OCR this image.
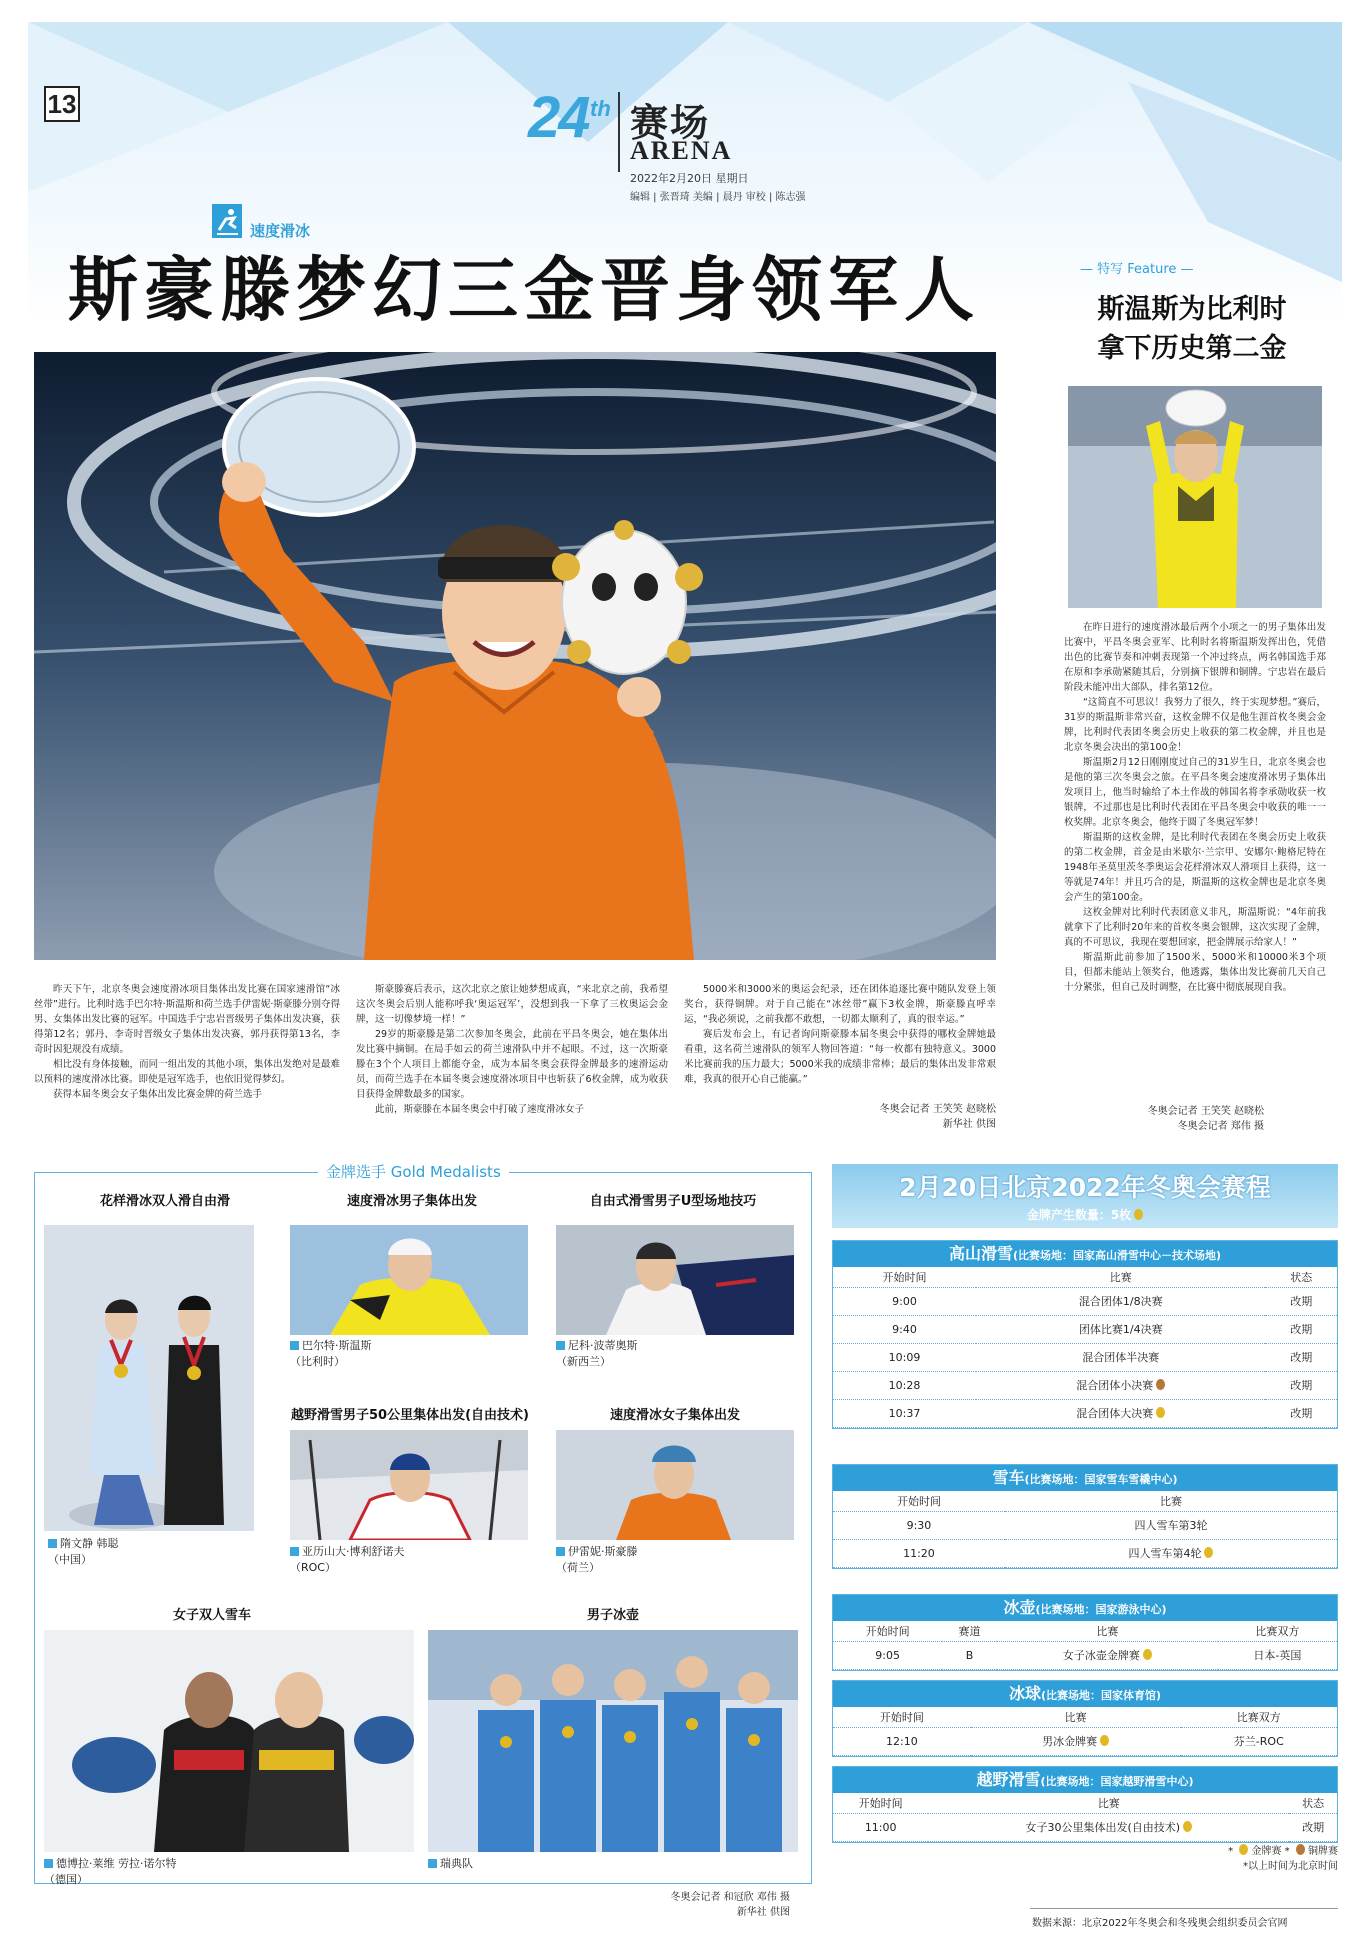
13	24 th 赛场
ARENA
2022年2月20日 星期日
编辑 | 张晋琦 美编 | 晨丹 审校 | 陈志强
速度滑冰
斯豪滕梦幻三金晋身领军人	— 特写 Feature —
斯温斯为比利时
拿下历史第二金

在昨日进行的速度滑冰最后两个小项之一的男子集体出发比赛中，平昌冬奥会亚军、比利时名将斯温斯发挥出色，凭借出色的比赛节奏和冲刺表现第一个冲过终点，两名韩国选手郑在原和李承勋紧随其后，分别摘下银牌和铜牌。宁忠岩在最后阶段未能冲出大部队，排名第12位。

“这简直不可思议！我努力了很久，终于实现梦想。”赛后，31岁的斯温斯非常兴奋，这枚金牌不仅是他生涯首枚冬奥会金牌，比利时代表团冬奥会历史上收获的第二枚金牌，并且也是北京冬奥会决出的第100金！

斯温斯2月12日刚刚度过自己的31岁生日，北京冬奥会也是他的第三次冬奥会之旅。在平昌冬奥会速度滑冰男子集体出发项目上，他当时输给了本土作战的韩国名将李承勋收获一枚银牌，不过那也是比利时代表团在平昌冬奥会中收获的唯一一枚奖牌。北京冬奥会，他终于圆了冬奥冠军梦！

斯温斯的这枚金牌，是比利时代表团在冬奥会历史上收获的第二枚金牌，首金是由米歇尔·兰宗甲、安娜尔·鲍格尼特在1948年圣莫里茨冬季奥运会花样滑冰双人滑项目上获得，这一等就是74年！并且巧合的是，斯温斯的这枚金牌也是北京冬奥会产生的第100金。

这枚金牌对比利时代表团意义非凡，斯温斯说：“4年前我就拿下了比利时20年来的首枚冬奥会银牌，这次实现了金牌，真的不可思议，我现在要想回家，把金牌展示给家人！”

斯温斯此前参加了1500米、5000米和10000米3个项目，但都未能站上领奖台，他透露，集体出发比赛前几天自己十分紧张，但自己及时调整，在比赛中彻底展现自我。

冬奥会记者 王笑笑 赵晓松
冬奥会记者 郑伟 摄

昨天下午，北京冬奥会速度滑冰项目集体出发比赛在国家速滑馆“冰丝带”进行。比利时选手巴尔特·斯温斯和荷兰选手伊雷妮·斯豪滕分别夺得男、女集体出发比赛的冠军。中国选手宁忠岩晋级男子集体出发决赛，获得第12名；郭丹、李奇时晋级女子集体出发决赛，郭丹获得第13名，李奇时因犯规没有成绩。

相比没有身体接触，而同一组出发的其他小项，集体出发绝对是最难以预料的速度滑冰比赛。即使是冠军选手，也依旧觉得梦幻。

获得本届冬奥会女子集体出发比赛金牌的荷兰选手

斯豪滕赛后表示，这次北京之旅让她梦想成真，“来北京之前，我希望这次冬奥会后别人能称呼我‘奥运冠军’，没想到我一下拿了三枚奥运会金牌，这一切像梦境一样！”

29岁的斯豪滕是第二次参加冬奥会，此前在平昌冬奥会，她在集体出发比赛中摘铜。在局手如云的荷兰速滑队中并不起眼。不过，这一次斯豪滕在3个个人项目上都能夺金，成为本届冬奥会获得金牌最多的速滑运动员，而荷兰选手在本届冬奥会速度滑冰项目中也斩获了6枚金牌，成为收获目获得金牌数最多的国家。

此前，斯豪滕在本届冬奥会中打破了速度滑冰女子

5000米和3000米的奥运会纪录，还在团体追逐比赛中随队发登上领奖台，获得铜牌。对于自己能在“冰丝带”赢下3枚金牌，斯豪滕直呼幸运，“我必须说，之前我都不敢想，一切都太顺利了，真的很幸运。”

赛后发布会上，有记者询问斯豪滕本届冬奥会中获得的哪枚金牌她最看重，这名荷兰速滑队的领军人物回答道：“每一枚都有独特意义。3000米比赛前我的压力最大；5000米我的成绩非常棒；最后的集体出发非常艰难，我真的很开心自己能赢。”

冬奥会记者 王笑笑 赵晓松
新华社 供图
金牌选手 Gold Medalists
花样滑冰双人滑自由滑
隋文静 韩聪
（中国）
速度滑冰男子集体出发
巴尔特·斯温斯
（比利时）
自由式滑雪男子U型场地技巧
尼科·波蒂奥斯
（新西兰）
越野滑雪男子50公里集体出发(自由技术)
亚历山大·博利舒诺夫
（ROC）
速度滑冰女子集体出发
伊雷妮·斯豪滕
（荷兰）
女子双人雪车
德博拉·莱维 劳拉·诺尔特
（德国）
男子冰壶
瑞典队
冬奥会记者 和冠欣 邓伟 摄
新华社 供图
2月20日北京2022年冬奥会赛程
金牌产生数量：5枚
高山滑雪(比赛场地：国家高山滑雪中心－技术场地)
开始时间	比赛	状态
9:00	混合团体1/8决赛	改期
9:40	团体比赛1/4决赛	改期
10:09	混合团体半决赛	改期
10:28	混合团体小决赛	改期
10:37	混合团体大决赛	改期
雪车(比赛场地：国家雪车雪橇中心)
开始时间	比赛
9:30	四人雪车第3轮
11:20	四人雪车第4轮
冰壶(比赛场地：国家游泳中心)
开始时间	赛道	比赛	比赛双方
9:05	B	女子冰壶金牌赛	日本-英国
冰球(比赛场地：国家体育馆)
开始时间	比赛	比赛双方
12:10	男冰金牌赛	芬兰-ROC
越野滑雪(比赛场地：国家越野滑雪中心)
开始时间	比赛	状态
11:00	女子30公里集体出发(自由技术)	改期
*  金牌赛 *  铜牌赛
*以上时间为北京时间
数据来源：北京2022年冬奥会和冬残奥会组织委员会官网
